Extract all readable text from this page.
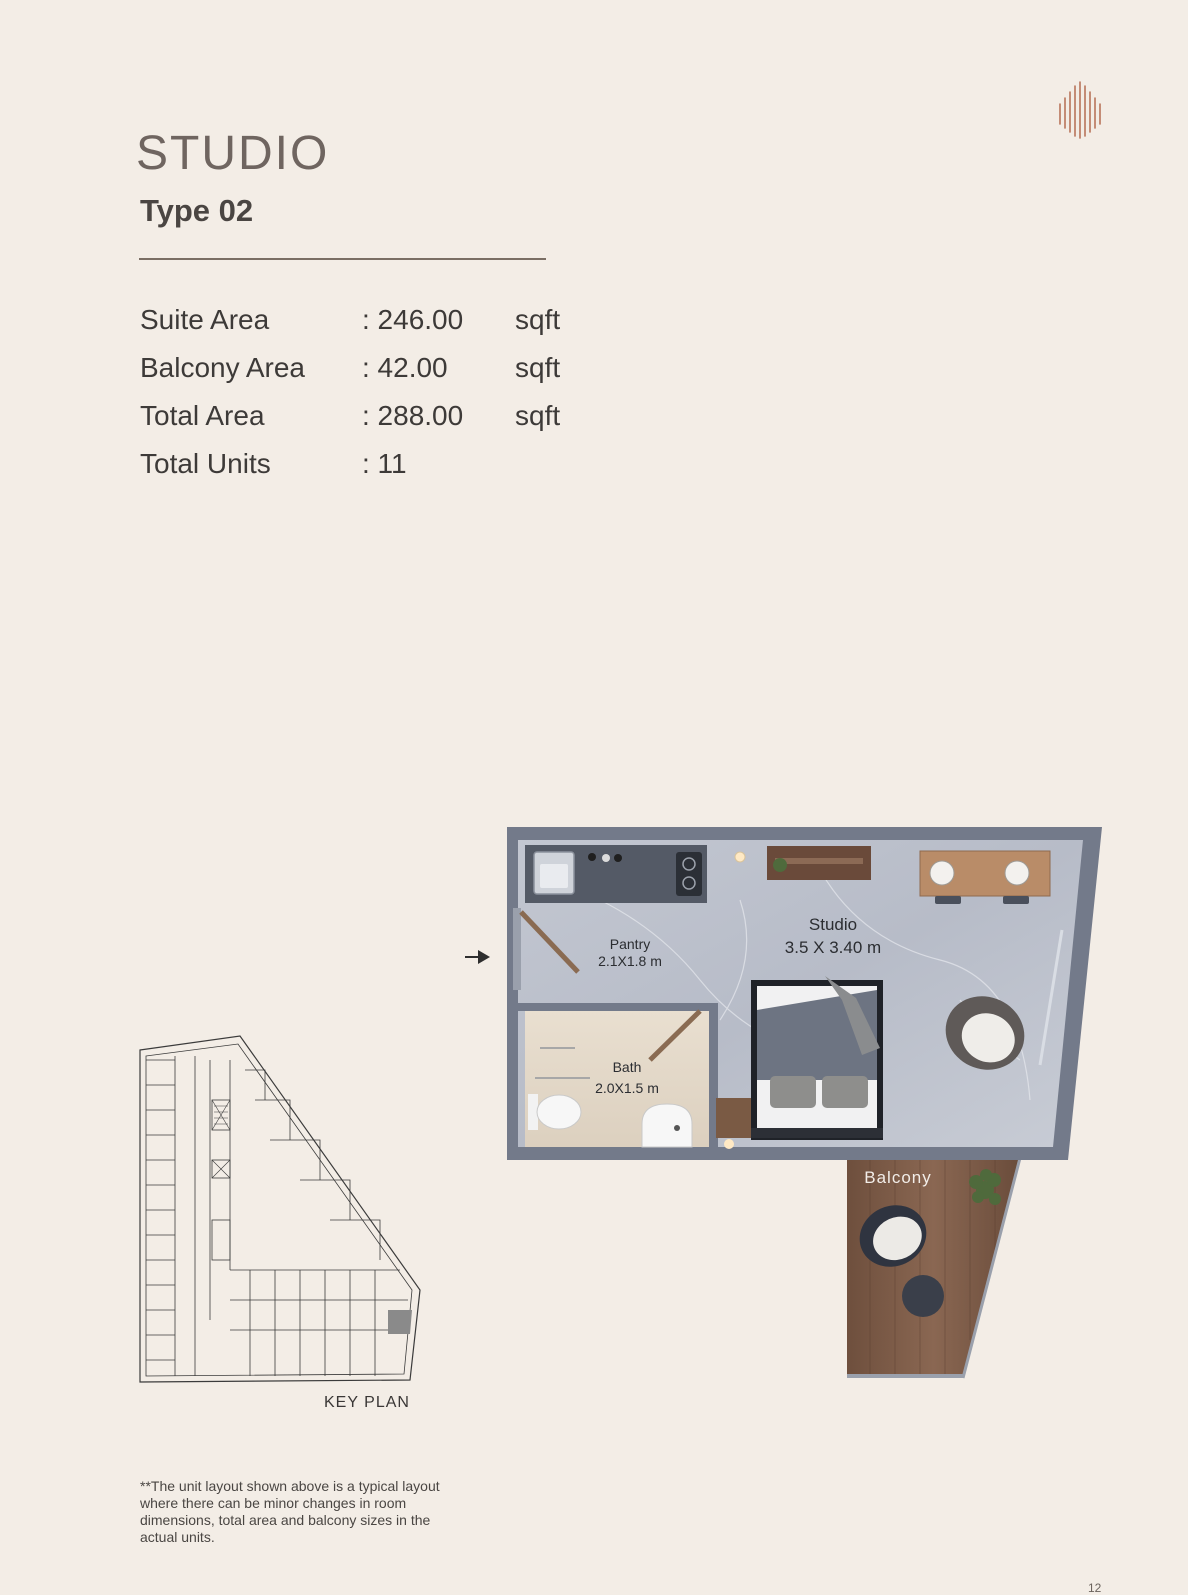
STUDIO
Type 02
Suite Area	: 246.00 sqft
Balcony Area : 42.00 sqft
Total Area	: 288.00 sqft
Total Units	: 11
Studio
3.5 X 3.40 m
Pantry
2.1X1.8 m
Bath
2.0X1.5 m
Balcony
KEY PLAN

**The unit layout shown above is a typical layout where there can be minor changes in room dimensions, total area and balcony sizes in the actual units.

12
